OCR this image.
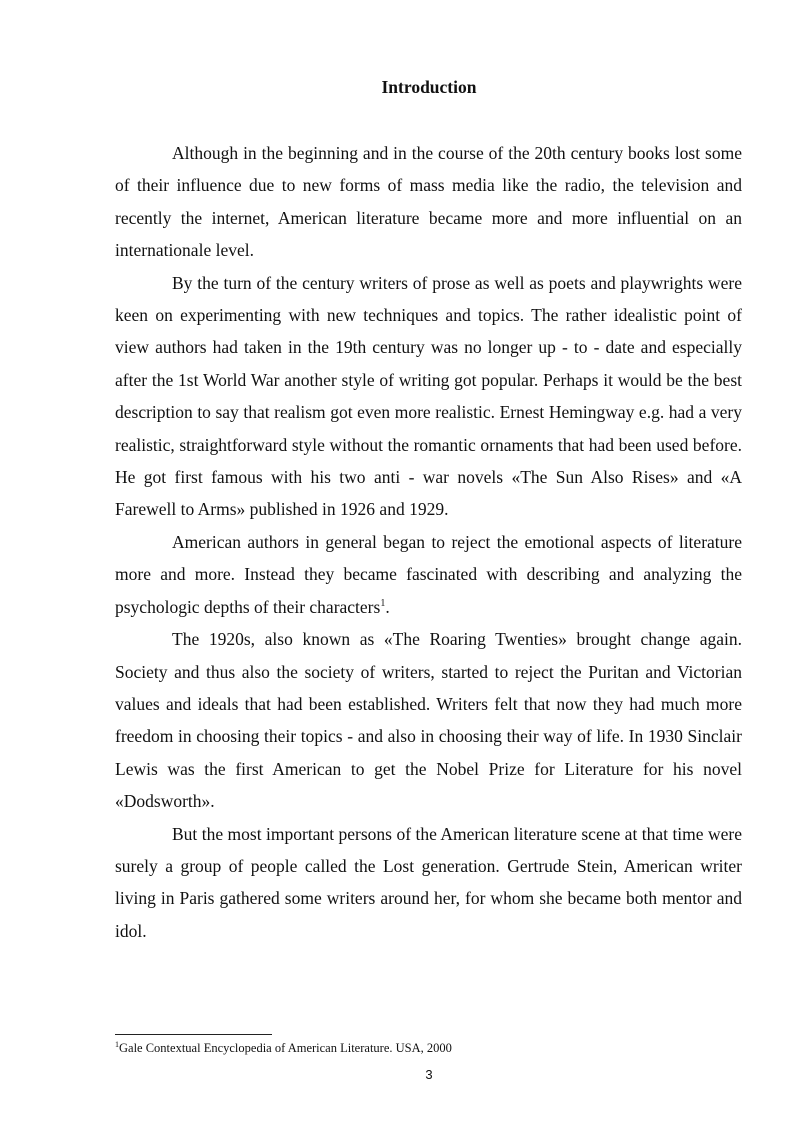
Introduction

Although in the beginning and in the course of the 20th century books lost some of their influence due to new forms of mass media like the radio, the television and recently the internet, American literature became more and more influential on an internationale level.

By the turn of the century writers of prose as well as poets and playwrights were keen on experimenting with new techniques and topics. The rather idealistic point of view authors had taken in the 19th century was no longer up - to - date and especially after the 1st World War another style of writing got popular. Perhaps it would be the best description to say that realism got even more realistic. Ernest Hemingway e.g. had a very realistic, straightforward style without the romantic ornaments that had been used before. He got first famous with his two anti - war novels «The Sun Also Rises» and «A Farewell to Arms» published in 1926 and 1929.

American authors in general began to reject the emotional aspects of literature more and more. Instead they became fascinated with describing and analyzing the psychologic depths of their characters$^1$.

The 1920s, also known as «The Roaring Twenties» brought change again. Society and thus also the society of writers, started to reject the Puritan and Victorian values and ideals that had been established. Writers felt that now they had much more freedom in choosing their topics - and also in choosing their way of life. In 1930 Sinclair Lewis was the first American to get the Nobel Prize for Literature for his novel «Dodsworth».

But the most important persons of the American literature scene at that time were surely a group of people called the Lost generation. Gertrude Stein, American writer living in Paris gathered some writers around her, for whom she became both mentor and idol.

$^1$Gale Contextual Encyclopedia of American Literature. USA, 2000

3
